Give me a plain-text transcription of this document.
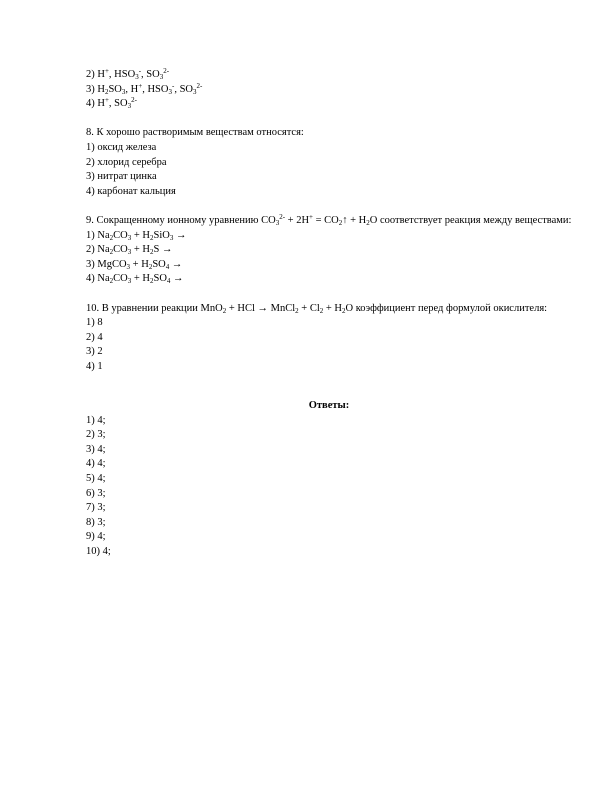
2) H+, $HSO_3^-$, $SO_3^{2-}$
3) $H_2SO_3$, H+, $HSO_3^-$, $SO_3^{2-}$
4) H+, $SO_3^{2-}$
8. К хорошо растворимым веществам относятся:
1) оксид железа
2) хлорид серебра
3) нитрат цинка
4) карбонат кальция
9. Сокращенному ионному уравнению $CO_3^{2-} + 2H^+$ = $CO_2↑ + H_2O$ соответствует реакция между веществами:
1) $Na_2CO_3 + H_2SiO_3$ →
2) $Na_2CO_3 + H_2S$ →
3) MgCO$_3$ + $H_2SO_4$ →
4) $Na_2CO_3 + H_2SO_4$ →
10. В уравнении реакции MnO$_2$ + HCl → MnCl$_2$ + $Cl_2 + H_2O$ коэффициент перед формулой окислителя:
1) 8
2) 4
3) 2
4) 1
Ответы:
1) 4;
2) 3;
3) 4;
4) 4;
5) 4;
6) 3;
7) 3;
8) 3;
9) 4;
10) 4;
